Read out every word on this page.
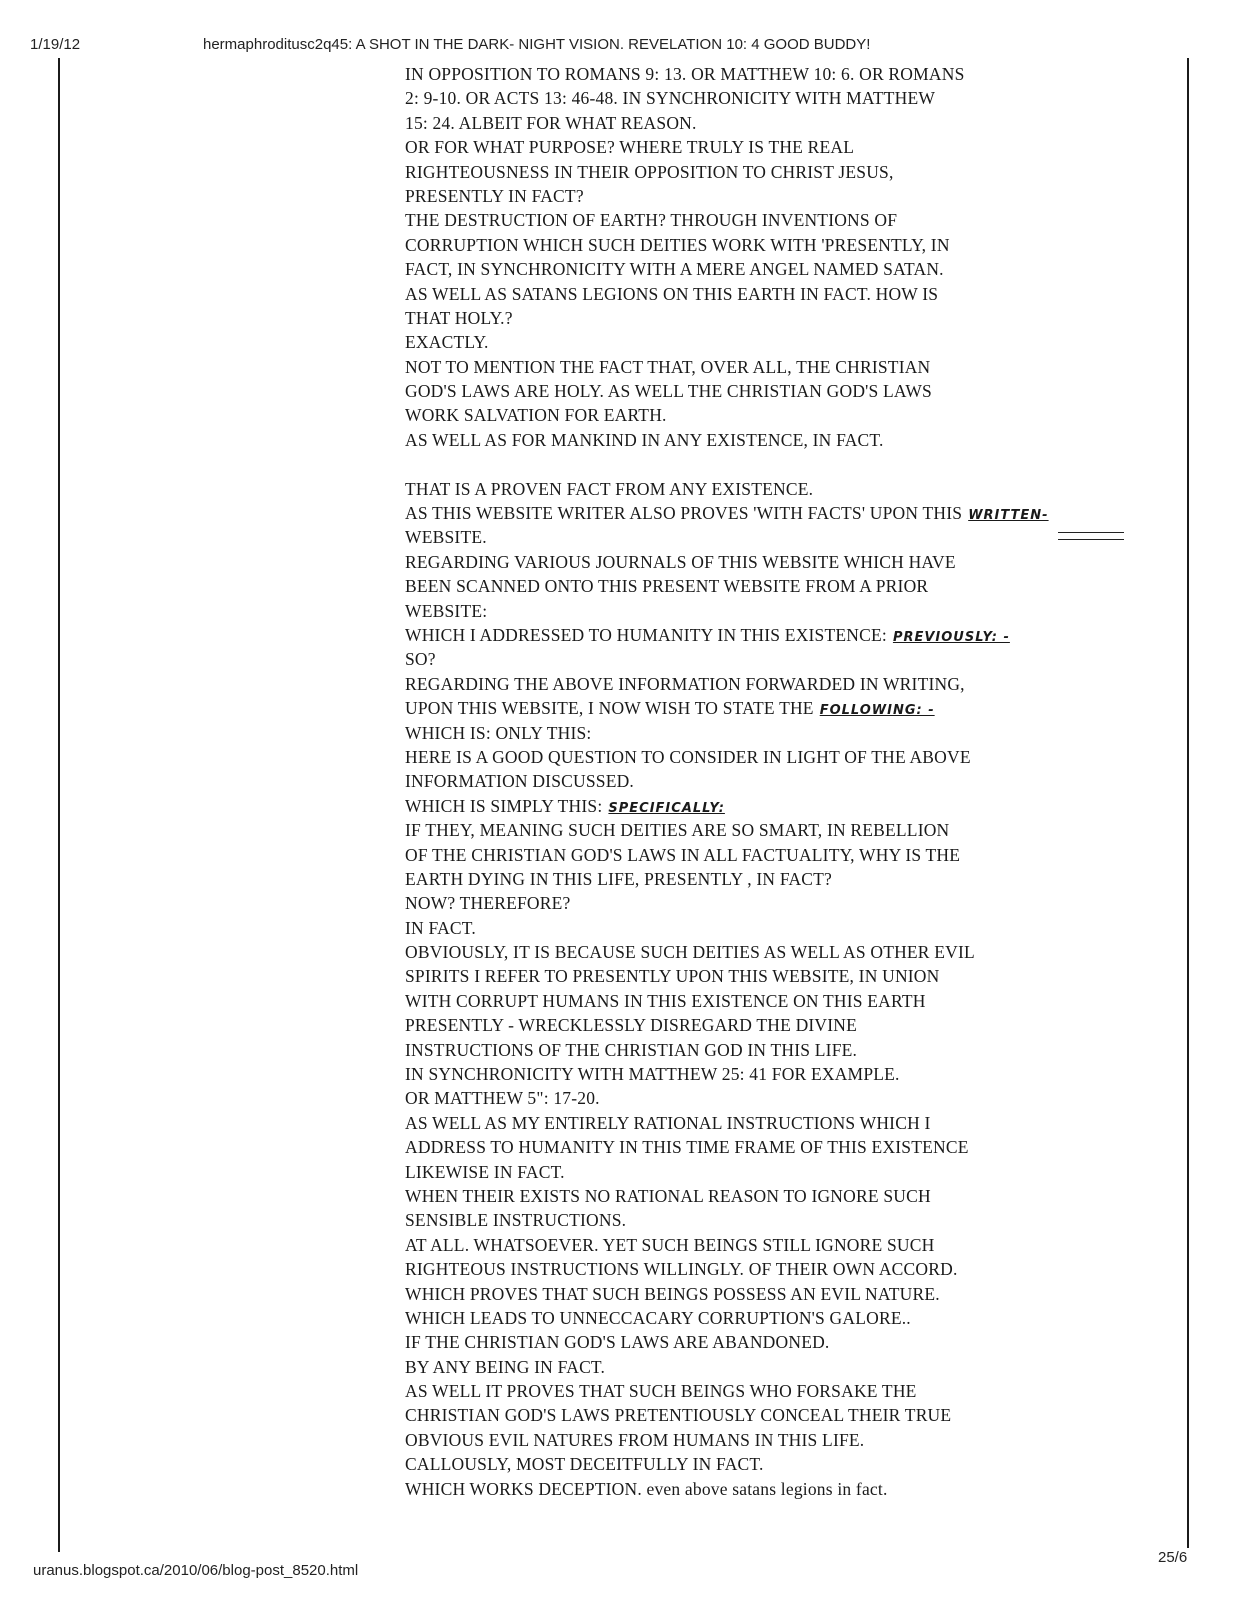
1/19/12	hermaphroditusc2q45: A SHOT IN THE DARK- NIGHT VISION. REVELATION 10: 4 GOOD BUDDY!
IN OPPOSITION TO ROMANS 9: 13. OR MATTHEW 10: 6. OR ROMANS
2: 9-10. OR ACTS 13: 46-48. IN SYNCHRONICITY WITH MATTHEW
15: 24. ALBEIT FOR WHAT REASON.
OR FOR WHAT PURPOSE? WHERE TRULY IS THE REAL
RIGHTEOUSNESS IN THEIR OPPOSITION TO CHRIST JESUS,
PRESENTLY IN FACT?
THE DESTRUCTION OF EARTH? THROUGH INVENTIONS OF
CORRUPTION WHICH SUCH DEITIES WORK WITH 'PRESENTLY, IN
FACT, IN SYNCHRONICITY WITH A MERE ANGEL NAMED SATAN.
AS WELL AS SATANS LEGIONS ON THIS EARTH IN FACT. HOW IS
THAT HOLY.?
EXACTLY.
NOT TO MENTION THE FACT THAT, OVER ALL, THE CHRISTIAN
GOD'S LAWS ARE HOLY. AS WELL THE CHRISTIAN GOD'S LAWS
WORK SALVATION FOR EARTH.
AS WELL AS FOR MANKIND IN ANY EXISTENCE, IN FACT.
THAT IS A PROVEN FACT FROM ANY EXISTENCE.
AS THIS WEBSITE WRITER ALSO PROVES 'WITH FACTS' UPON THIS WRITTEN-
WEBSITE.
REGARDING VARIOUS JOURNALS OF THIS WEBSITE WHICH HAVE
BEEN SCANNED ONTO THIS PRESENT WEBSITE FROM A PRIOR
WEBSITE:
WHICH I ADDRESSED TO HUMANITY IN THIS EXISTENCE: PREVIOUSLY: -
SO?
REGARDING THE ABOVE INFORMATION FORWARDED IN WRITING,
UPON THIS WEBSITE, I NOW WISH TO STATE THE FOLLOWING: -
WHICH IS: ONLY THIS:
HERE IS A GOOD QUESTION TO CONSIDER IN LIGHT OF THE ABOVE
INFORMATION DISCUSSED.
WHICH IS SIMPLY THIS: SPECIFICALLY:
IF THEY, MEANING SUCH DEITIES ARE SO SMART, IN REBELLION
OF THE CHRISTIAN GOD'S LAWS IN ALL FACTUALITY, WHY IS THE
EARTH DYING IN THIS LIFE, PRESENTLY , IN FACT?
NOW? THEREFORE?
IN FACT.
OBVIOUSLY, IT IS BECAUSE SUCH DEITIES AS WELL AS OTHER EVIL
SPIRITS I REFER TO PRESENTLY UPON THIS WEBSITE, IN UNION
WITH CORRUPT HUMANS IN THIS EXISTENCE ON THIS EARTH
PRESENTLY - WRECKLESSLY DISREGARD THE DIVINE
INSTRUCTIONS OF THE CHRISTIAN GOD IN THIS LIFE.
IN SYNCHRONICITY WITH MATTHEW 25: 41 FOR EXAMPLE.
OR MATTHEW 5": 17-20.
AS WELL AS MY ENTIRELY RATIONAL INSTRUCTIONS WHICH I
ADDRESS TO HUMANITY IN THIS TIME FRAME OF THIS EXISTENCE
LIKEWISE IN FACT.
WHEN THEIR EXISTS NO RATIONAL REASON TO IGNORE SUCH
SENSIBLE INSTRUCTIONS.
AT ALL. WHATSOEVER. YET SUCH BEINGS STILL IGNORE SUCH
RIGHTEOUS INSTRUCTIONS WILLINGLY. OF THEIR OWN ACCORD.
WHICH PROVES THAT SUCH BEINGS POSSESS AN EVIL NATURE.
WHICH LEADS TO UNNECCACARY CORRUPTION'S GALORE..
IF THE CHRISTIAN GOD'S LAWS ARE ABANDONED.
BY ANY BEING IN FACT.
AS WELL IT PROVES THAT SUCH BEINGS WHO FORSAKE THE
CHRISTIAN GOD'S LAWS PRETENTIOUSLY CONCEAL THEIR TRUE
OBVIOUS EVIL NATURES FROM HUMANS IN THIS LIFE.
CALLOUSLY, MOST DECEITFULLY IN FACT.
WHICH WORKS DECEPTION. even above satans legions in fact.
uranus.blogspot.ca/2010/06/blog-post_8520.html
25/6
